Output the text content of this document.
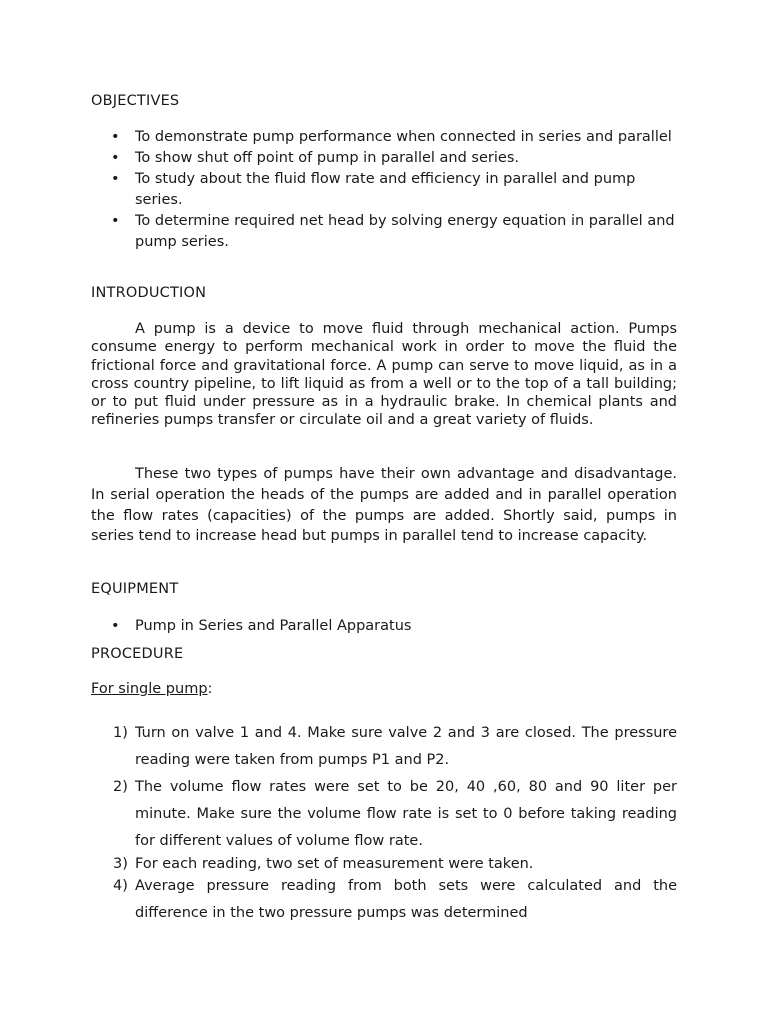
OBJECTIVES
• To demonstrate pump performance when connected in series and parallel
• To show shut off point of pump in parallel and series.
• To study about the fluid flow rate and efficiency in parallel and pump series.
• To determine required net head by solving energy equation in parallel and pump series.
INTRODUCTION

A pump is a device to move fluid through mechanical action. Pumps consume energy to perform mechanical work in order to move the fluid the frictional force and gravitational force. A pump can serve to move liquid, as in a cross country pipeline, to lift liquid as from a well or to the top of a tall building; or to put fluid under pressure as in a hydraulic brake. In chemical plants and refineries pumps transfer or circulate oil and a great variety of fluids.

These two types of pumps have their own advantage and disadvantage. In serial operation the heads of the pumps are added and in parallel operation the flow rates (capacities) of the pumps are added. Shortly said, pumps in series tend to increase head but pumps in parallel tend to increase capacity.

EQUIPMENT
• Pump in Series and Parallel Apparatus
PROCEDURE

For single pump:

1) Turn on valve 1 and 4. Make sure valve 2 and 3 are closed. The pressure reading were taken from pumps P1 and P2.
2) The volume flow rates were set to be 20, 40 ,60, 80 and 90 liter per minute. Make sure the volume flow rate is set to 0 before taking reading for different values of volume flow rate.
3) For each reading, two set of measurement were taken.
4) Average pressure reading from both sets were calculated and the difference in the two pressure pumps was determined
